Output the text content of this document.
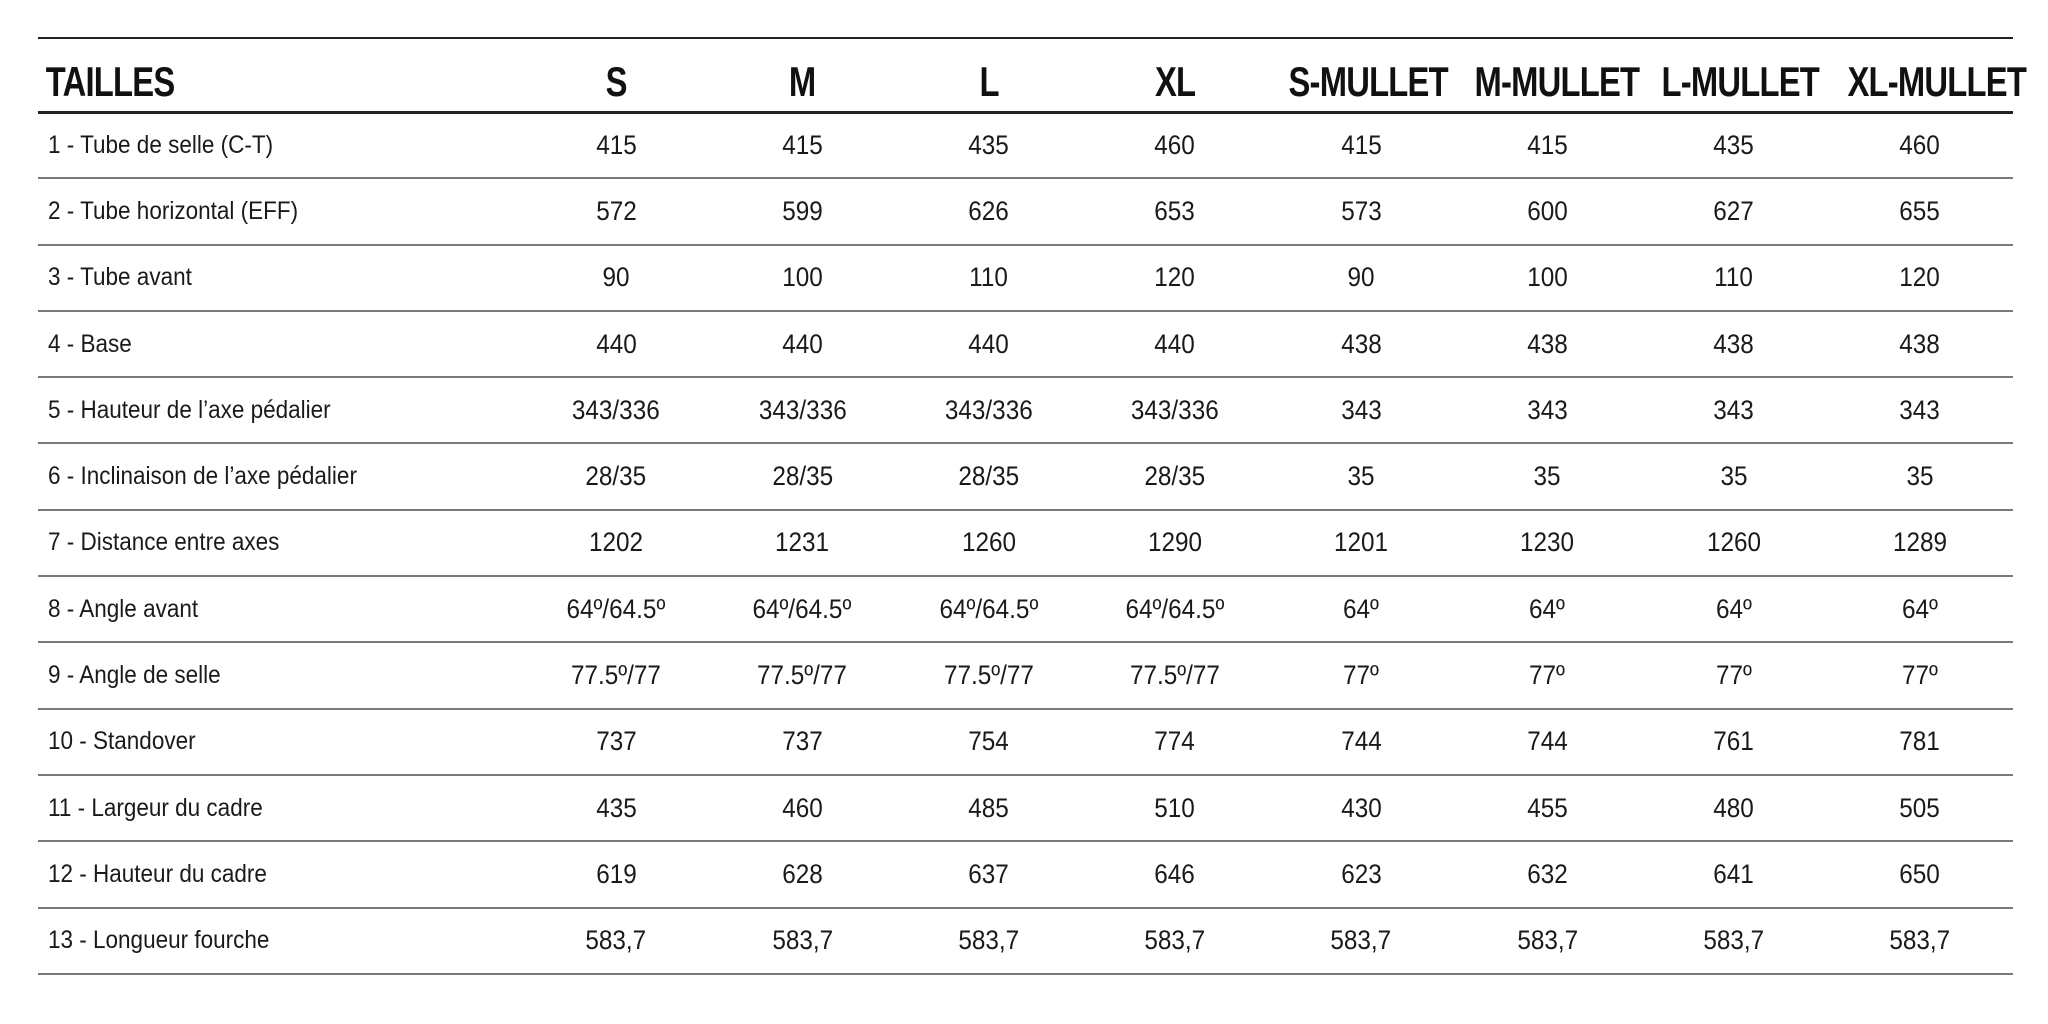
TAILLES	S	M	L	XL	S-MULLET	M-MULLET	L-MULLET	XL-MULLET
1 - Tube de selle (C-T)	415	415	435	460	415	415	435	460
2 - Tube horizontal (EFF)	572	599	626	653	573	600	627	655
3 - Tube avant	90	100	110	120	90	100	110	120
4 - Base	440	440	440	440	438	438	438	438
5 - Hauteur de l’axe pédalier	343/336	343/336	343/336	343/336	343	343	343	343
6 - Inclinaison de l’axe pédalier	28/35	28/35	28/35	28/35	35	35	35	35
7 - Distance entre axes	1202	1231	1260	1290	1201	1230	1260	1289
8 - Angle avant	64º/64.5º	64º/64.5º	64º/64.5º	64º/64.5º	64º	64º	64º	64º
9 - Angle de selle	77.5º/77	77.5º/77	77.5º/77	77.5º/77	77º	77º	77º	77º
10 - Standover	737	737	754	774	744	744	761	781
11 - Largeur du cadre	435	460	485	510	430	455	480	505
12 - Hauteur du cadre	619	628	637	646	623	632	641	650
13 - Longueur fourche	583,7	583,7	583,7	583,7	583,7	583,7	583,7	583,7
